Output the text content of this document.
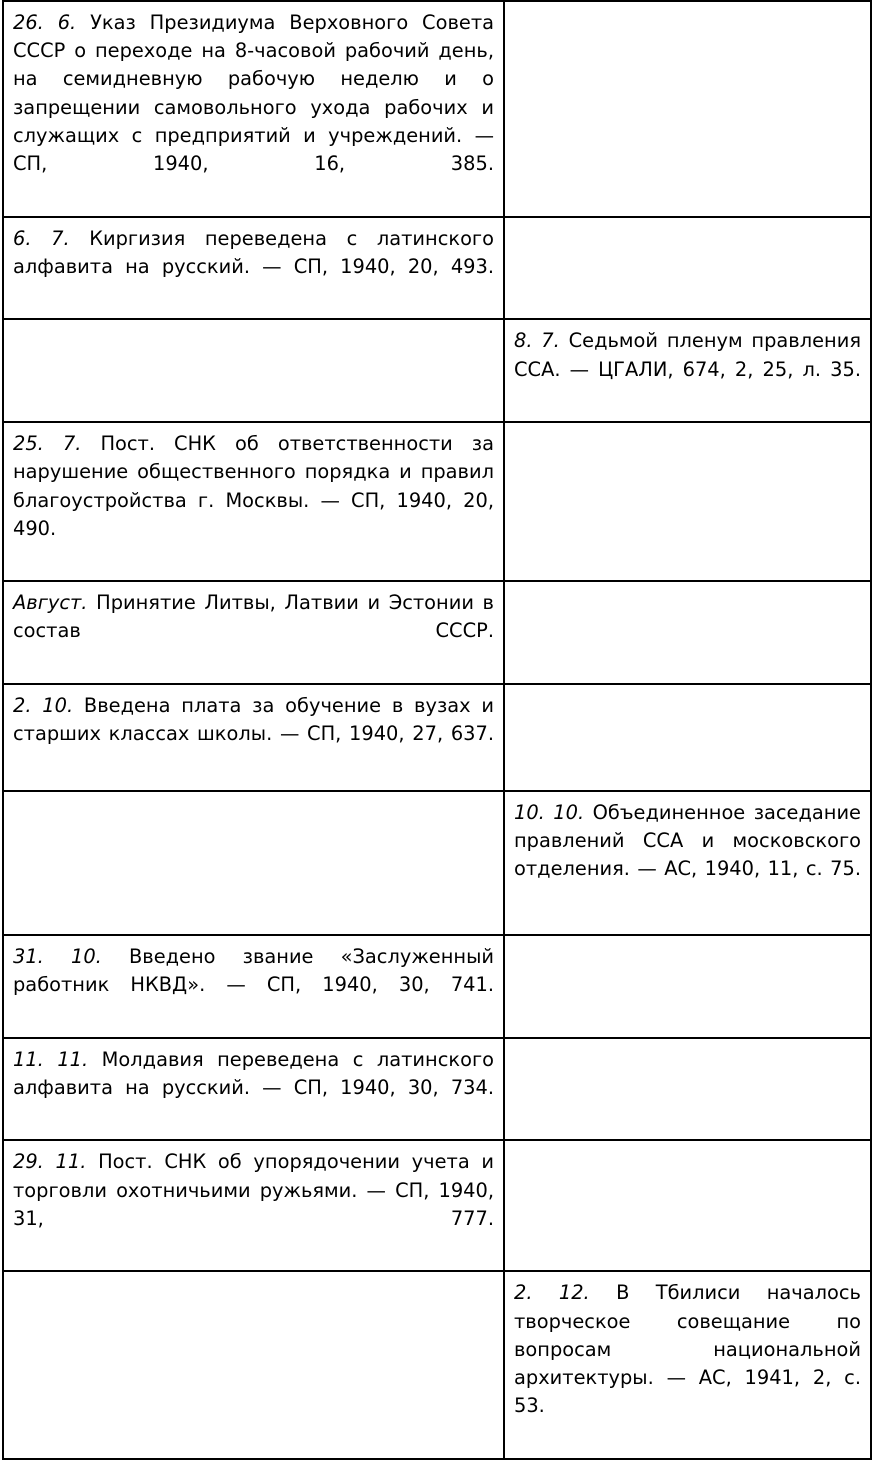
26. 6. Указ Президиума Верховного Совета СССР о переходе на 8-часовой рабочий день, на семидневную рабочую неделю и о запрещении самовольного ухода рабочих и служащих с предприятий и учреждений. — СП, 1940, 16, 385.	

6. 7. Киргизия переведена с латинского алфавита на русский. — СП, 1940, 20, 493.	

	8. 7. Седьмой пленум правления ССА. — ЦГАЛИ, 674, 2, 25, л. 35.

25. 7. Пост. СНК об ответственности за нарушение общественного порядка и правил благоустройства г. Москвы. — СП, 1940, 20, 490.	

Август. Принятие Литвы, Латвии и Эстонии в состав СССР.	

2. 10. Введена плата за обучение в вузах и старших классах школы. — СП, 1940, 27, 637.	

	10. 10. Объединенное заседание правлений ССА и московского отделения. — АС, 1940, 11, с. 75.

31. 10. Введено звание «Заслуженный работник НКВД». — СП, 1940, 30, 741.	

11. 11. Молдавия переведена с латинского алфавита на русский. — СП, 1940, 30, 734.	

29. 11. Пост. СНК об упорядочении учета и торговли охотничьими ружьями. — СП, 1940, 31, 777.	

	2. 12. В Тбилиси началось творческое совещание по вопросам национальной архитектуры. — АС, 1941, 2, с. 53.
